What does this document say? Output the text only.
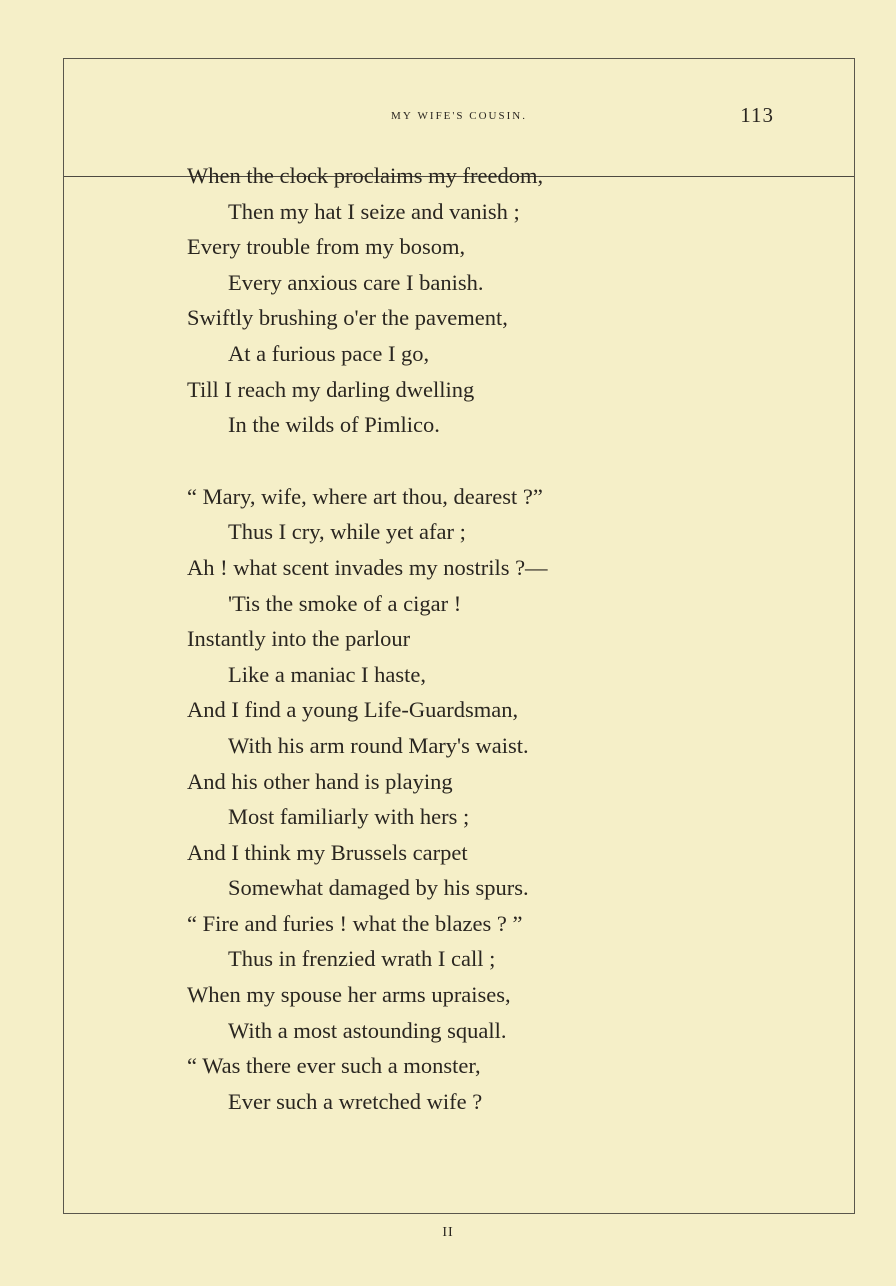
my wife's cousin.	113
When the clock proclaims my freedom,
Then my hat I seize and vanish ;
Every trouble from my bosom,
Every anxious care I banish.
Swiftly brushing o'er the pavement,
At a furious pace I go,
Till I reach my darling dwelling
In the wilds of Pimlico.
“ Mary, wife, where art thou, dearest ?”
Thus I cry, while yet afar ;
Ah ! what scent invades my nostrils ?—
'Tis the smoke of a cigar !
Instantly into the parlour
Like a maniac I haste,
And I find a young Life-Guardsman,
With his arm round Mary's waist.
And his other hand is playing
Most familiarly with hers ;
And I think my Brussels carpet
Somewhat damaged by his spurs.
“ Fire and furies ! what the blazes ? ”
Thus in frenzied wrath I call ;
When my spouse her arms upraises,
With a most astounding squall.
“ Was there ever such a monster,
Ever such a wretched wife ?
II
